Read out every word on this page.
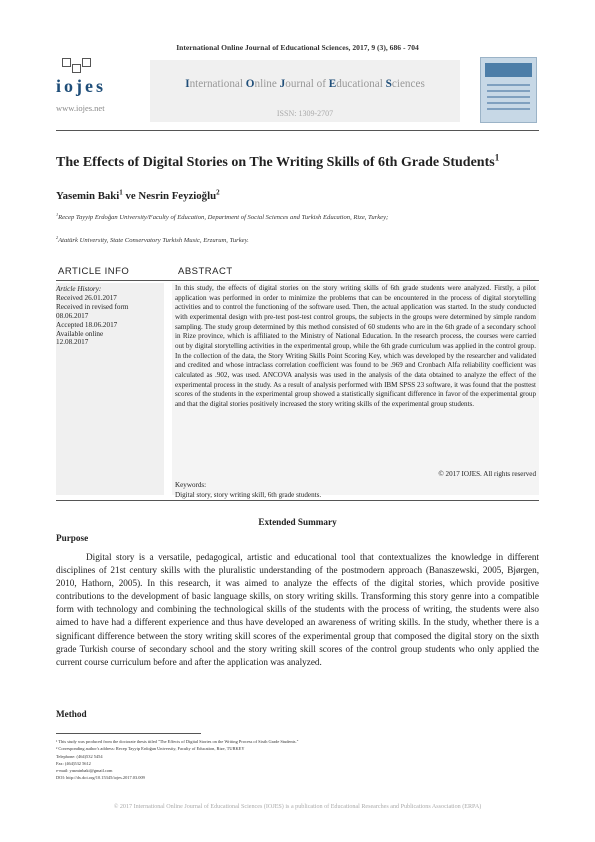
International Online Journal of Educational Sciences, 2017, 9 (3), 686 - 704
iojes
www.iojes.net
International Online Journal of Educational Sciences
ISSN: 1309-2707
The Effects of Digital Stories on The Writing Skills of 6th Grade Students$^1$
Yasemin Baki$^1$ ve Nesrin Feyzioğlu$^2$
$^1$Recep Tayyip Erdoğan University/Faculty of Education, Department of Social Sciences and Turkish Education, Rize, Turkey;
$^2$Atatürk University, State Conservatory Turkish Music, Erzurum, Turkey.
ARTICLE INFO	ABSTRACT
Article History:
Received 26.01.2017
Received in revised form
08.06.2017
Accepted 18.06.2017
Available online
12.08.2017
In this study, the effects of digital stories on the story writing skills of 6th grade students were analyzed. Firstly, a pilot application was performed in order to minimize the problems that can be encountered in the process of digital storytelling activities and to control the functioning of the software used. Then, the actual application was started. In the study conducted with experimental design with pre-test post-test control groups, the subjects in the groups were determined by simple random sampling. The study group determined by this method consisted of 60 students who are in the 6th grade of a secondary school in Rize province, which is affiliated to the Ministry of National Education. In the research process, the courses were carried out by digital storytelling activities in the experimental group, while the 6th grade curriculum was applied in the control group. In the collection of the data, the Story Writing Skills Point Scoring Key, which was developed by the researcher and validated and credited and whose intraclass correlation coefficient was found to be .969 and Cronbach Alfa reliability coefficient was calculated as .902, was used. ANCOVA analysis was used in the analysis of the data obtained to analyze the effect of the experimental process in the study. As a result of analysis performed with IBM SPSS 23 software, it was found that the posttest scores of the students in the experimental group showed a statistically significant difference in favor of the experimental group and that the digital stories positively increased the story writing skills of the experimental group students.
© 2017 IOJES. All rights reserved
Keywords:
Digital story, story writing skill, 6th grade students.
Extended Summary
Purpose
Digital story is a versatile, pedagogical, artistic and educational tool that contextualizes the knowledge in different disciplines of 21st century skills with the pluralistic understanding of the postmodern approach (Banaszewski, 2005, Bjørgen, 2010, Hathorn, 2005). In this research, it was aimed to analyze the effects of the digital stories, which provide positive contributions to the development of basic language skills, on story writing skills. Transforming this story genre into a compatible form with technology and combining the technological skills of the students with the process of writing, the students were also aimed to have had a different experience and thus have developed an awareness of writing skills. In the study, whether there is a significant difference between the story writing skill scores of the experimental group that composed the digital story on the sixth grade Turkish course of secondary school and the story writing skill scores of the control group students who only applied the current course curriculum before and after the application was analyzed.
Method
¹ This study was produced from the doctorate thesis titled "The Effects of Digital Stories on the Writing Process of Sixth Grade Students."
² Corresponding author's address: Recep Tayyip Erdoğan University, Faculty of Education, Rize, TURKEY
Telephone: (464)532 5454
Fax: (464)532 5612
e-mail: yasminbaki@gmail.com
DOI: http://dx.doi.org/10.15345/iojes.2017.03.009
© 2017 International Online Journal of Educational Sciences (IOJES) is a publication of Educational Researches and Publications Association (ERPA)
